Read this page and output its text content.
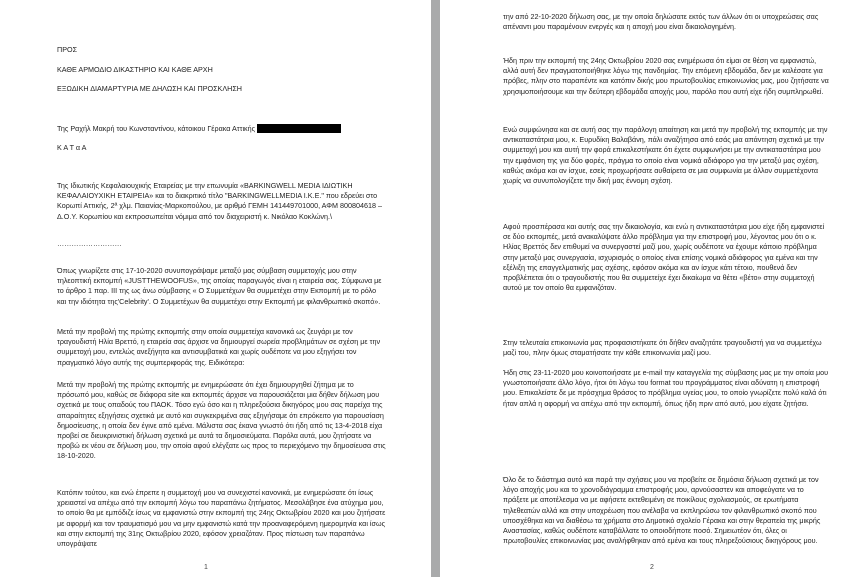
ΠΡΟΣ

ΚΑΘΕ ΑΡΜΟΔΙΟ ΔΙΚΑΣΤΗΡΙΟ ΚΑΙ ΚΑΘΕ ΑΡΧΗ

ΕΞΩΔΙΚΗ ΔΙΑΜΑΡΤΥΡΙΑ ΜΕ ΔΗΛΩΣΗ ΚΑΙ ΠΡΟΣΚΛΗΣΗ

Της Ραχήλ Μακρή του Κωνσταντίνου, κάτοικου Γέρακα Αττικής

Κ Α Τ α Α

Της Ιδιωτικής Κεφαλαιουχικής Εταιρείας με την επωνυμία «BARKINGWELL MEDIA ΙΔΙΩΤΙΚΗ ΚΕΦΑΛΑΙΟΥΧΙΚΗ ΕΤΑΙΡΕΙΑ» και το διακριτικό τίτλο "BARKINGWELLMEDIA Ι.Κ.Ε." που εδρεύει στο Κορωπί Αττικής, 2ª χλμ. Παιανίας-Μαρκοπούλου, με αριθμό ΓΕΜΗ 141449701000, ΑΦΜ 800804618 – Δ.Ο.Υ. Κορωπίου και εκπροσωπείται νόμιμα από τον διαχειριστή κ. Νικόλαο Κοκλώνη.\

………………………

Όπως γνωρίζετε στις 17-10-2020 συνυπογράψαμε μεταξύ μας σύμβαση συμμετοχής μου στην τηλεοπτική εκπομπή «JUSTTHEWOOFUS», της οποίας παραγωγός είναι η εταιρεία σας. Σύμφωνα με το άρθρο 1 παρ. ΙΙΙ της ως άνω σύμβασης « Ο Συμμετέχων θα συμμετέχει στην Εκπομπή με το ρόλο και την ιδιότητα της'Celebrity'. Ο Συμμετέχων θα συμμετέχει στην Εκπομπή με φιλανθρωπικό σκοπό».

Μετά την προβολή της πρώτης εκπομπής στην οποία συμμετείχα κανονικά ως ζευγάρι με τον τραγουδιστή Ηλία Βρεττό, η εταιρεία σας άρχισε να δημιουργεί σωρεία προβλημάτων σε σχέση με την συμμετοχή μου, εντελώς ανεξήγητα και αντισυμβατικά και χωρίς ουδέποτε να μου εξηγήσει τον πραγματικό λόγο αυτής της συμπεριφοράς της. Ειδικότερα:

Μετά την προβολή της πρώτης εκπομπής με ενημερώσατε ότι έχει δημιουργηθεί ζήτημα με το πρόσωπό μου, καθώς σε διάφορα site και εκπομπές άρχισε να παρουσιάζεται μια δήθεν δήλωση μου σχετικά με τους οπαδούς του ΠΑΟΚ. Τόσο εγώ όσο και η πληρεξούσια δικηγόρος μου σας παρείχα της απαραίτητες εξηγήσεις σχετικά με αυτό και συγκεκριμένα σας εξηγήσαμε ότι επρόκειτο για παρουσίαση δημοσίευσης, η οποία δεν έγινε από εμένα. Μάλιστα σας έκανα γνωστό ότι ήδη από τις 13-4-2018 είχα προβεί σε διευκρινιστική δήλωση σχετικά με αυτά τα δημοσιεύματα. Παρόλα αυτά, μου ζητήσατε να προβώ εκ νέου σε δήλωση μου, την οποία αφού ελέγξατε ως προς το περιεχόμενο την δημοσίευσα στις 18-10-2020.

Κατόπιν τούτου, και ενώ έπρεπε η συμμετοχή μου να συνεχιστεί κανονικά, με ενημερώσατε ότι ίσως χρειαστεί να απέχω από την εκπομπή λόγω του παραπάνω ζητήματος. Μεσολάβησε ένα ατύχημα μου, το οποίο θα με εμπόδιζε ίσως να εμφανιστώ στην εκπομπή της 24ης Οκτωβρίου 2020 και μου ζητήσατε με αφορμή και τον τραυματισμό μου να μην εμφανιστώ κατά την προαναφερόμενη ημερομηνία και ίσως και στην εκπομπή της 31ης Οκτωβρίου 2020, εφόσον χρειαζόταν. Προς πίστωση των παραπάνω υπογράψατε

1

την από 22-10-2020 δήλωση σας, με την οποία δηλώσατε εκτός των άλλων ότι οι υποχρεώσεις σας απέναντι μου παραμένουν ενεργές και η αποχή μου είναι δικαιολογημένη.

Ήδη πριν την εκπομπή της 24ης Οκτωβρίου 2020 σας ενημέρωσα ότι είμαι σε θέση να εμφανιστώ, αλλά αυτή δεν πραγματοποιήθηκε λόγω της πανδημίας. Την επόμενη εβδομάδα, δεν με καλέσατε για πρόβες, πλην στο παραπέντε και κατόπιν δικής μου πρωτοβουλίας επικοινωνίας μας, μου ζητήσατε να χρησιμοποιήσουμε και την δεύτερη εβδομάδα αποχής μου, παρόλο που αυτή είχε ήδη συμπληρωθεί.

Ενώ συμφώνησα και σε αυτή σας την παράλογη απαίτηση και μετά την προβολή της εκπομπής με την αντικαταστάτρια μου, κ. Ευρυδίκη Βαλαβάνη, πάλι αναζήτησα από εσάς μια απάντηση σχετικά με την συμμετοχή μου και αυτή την φορά επικαλεστήκατε ότι έχετε συμφωνήσει με την αντικαταστάτρια μου την εμφάνιση της για δύο φορές, πράγμα το οποίο είναι νομικά αδιάφορο για την μεταξύ μας σχέση, καθώς ακόμα και αν ίσχυε, εσείς προχωρήσατε αυθαίρετα σε μια συμφωνία με άλλον συμμετέχοντα χωρίς να συνυπολογίζετε την δική μας έννομη σχέση.

Αφού προσπέρασα και αυτής σας την δικαιολογία, και ενώ η αντικαταστάτρια μου είχε ήδη εμφανιστεί σε δύο εκπομπές, μετά ανακαλύψατε άλλο πρόβλημα για την επιστροφή μου, λέγοντας μου ότι ο κ. Ηλίας Βρεττός δεν επιθυμεί να συνεργαστεί μαζί μου, χωρίς ουδέποτε να έχουμε κάποιο πρόβλημα στην μεταξύ μας συνεργασία, ισχυρισμός ο οποίος είναι επίσης νομικά αδιάφορος για εμένα και την εξέλιξη της επαγγελματικής μας σχέσης, εφόσον ακόμα και αν ίσχυε κάτι τέτοιο, πουθενά δεν προβλέπεται ότι ο τραγουδιστής που θα συμμετείχε έχει δικαίωμα να θέτει «βέτο» στην συμμετοχή αυτού με τον οποίο θα εμφανιζόταν.

Στην τελευταία επικοινωνία μας προφασιστήκατε ότι δήθεν αναζητάτε τραγουδιστή για να συμμετέχω μαζί του, πλην όμως σταματήσατε την κάθε επικοινωνία μαζί μου.

Ήδη στις 23-11-2020 μου κοινοποιήσατε με e-mail την καταγγελία της σύμβασης μας με την οποία μου γνωστοποιήσατε άλλο λόγο, ήτοι ότι λόγω του format του προγράμματος είναι αδύνατη η επιστροφή μου. Επικαλείστε δε με πρόσχημα θράσος το πρόβλημα υγείας μου, το οποίο γνωρίζετε πολύ καλά ότι ήταν απλά η αφορμή να απέχω από την εκπομπή, όπως ήδη πριν από αυτό, μου είχατε ζητήσει.

Όλο δε το διάστημα αυτό και παρά την σχήσεις μου να προβείτε σε δημόσια δήλωση σχετικά με τον λόγο αποχής μου και το χρονοδιάγραμμα επιστροφής μου, αρνούσαστεν και αποφεύγατε να το πράξετε με αποτέλεσμα να με αφήσετε εκτεθειμένη σε ποικίλους σχολιασμούς, σε ερωτήματα τηλεθεατών αλλά και στην υποχρέωση που ανέλαβα να εκπληρώσω τον φιλανθρωπικό σκοπό που υποσχέθηκα και να διαθέσω τα χρήματα στο Δημοτικό σχολείο Γέρακα και στην θεραπεία της μικρής Αναστασίας, καθώς ουδέποτε καταβάλλατε το οποιοδήποτε ποσό. Σημειωτέον ότι, όλες οι πρωτοβουλίες επικοινωνίας μας αναλήφθηκαν από εμένα και τους πληρεξούσιους δικηγόρους μου.

2
